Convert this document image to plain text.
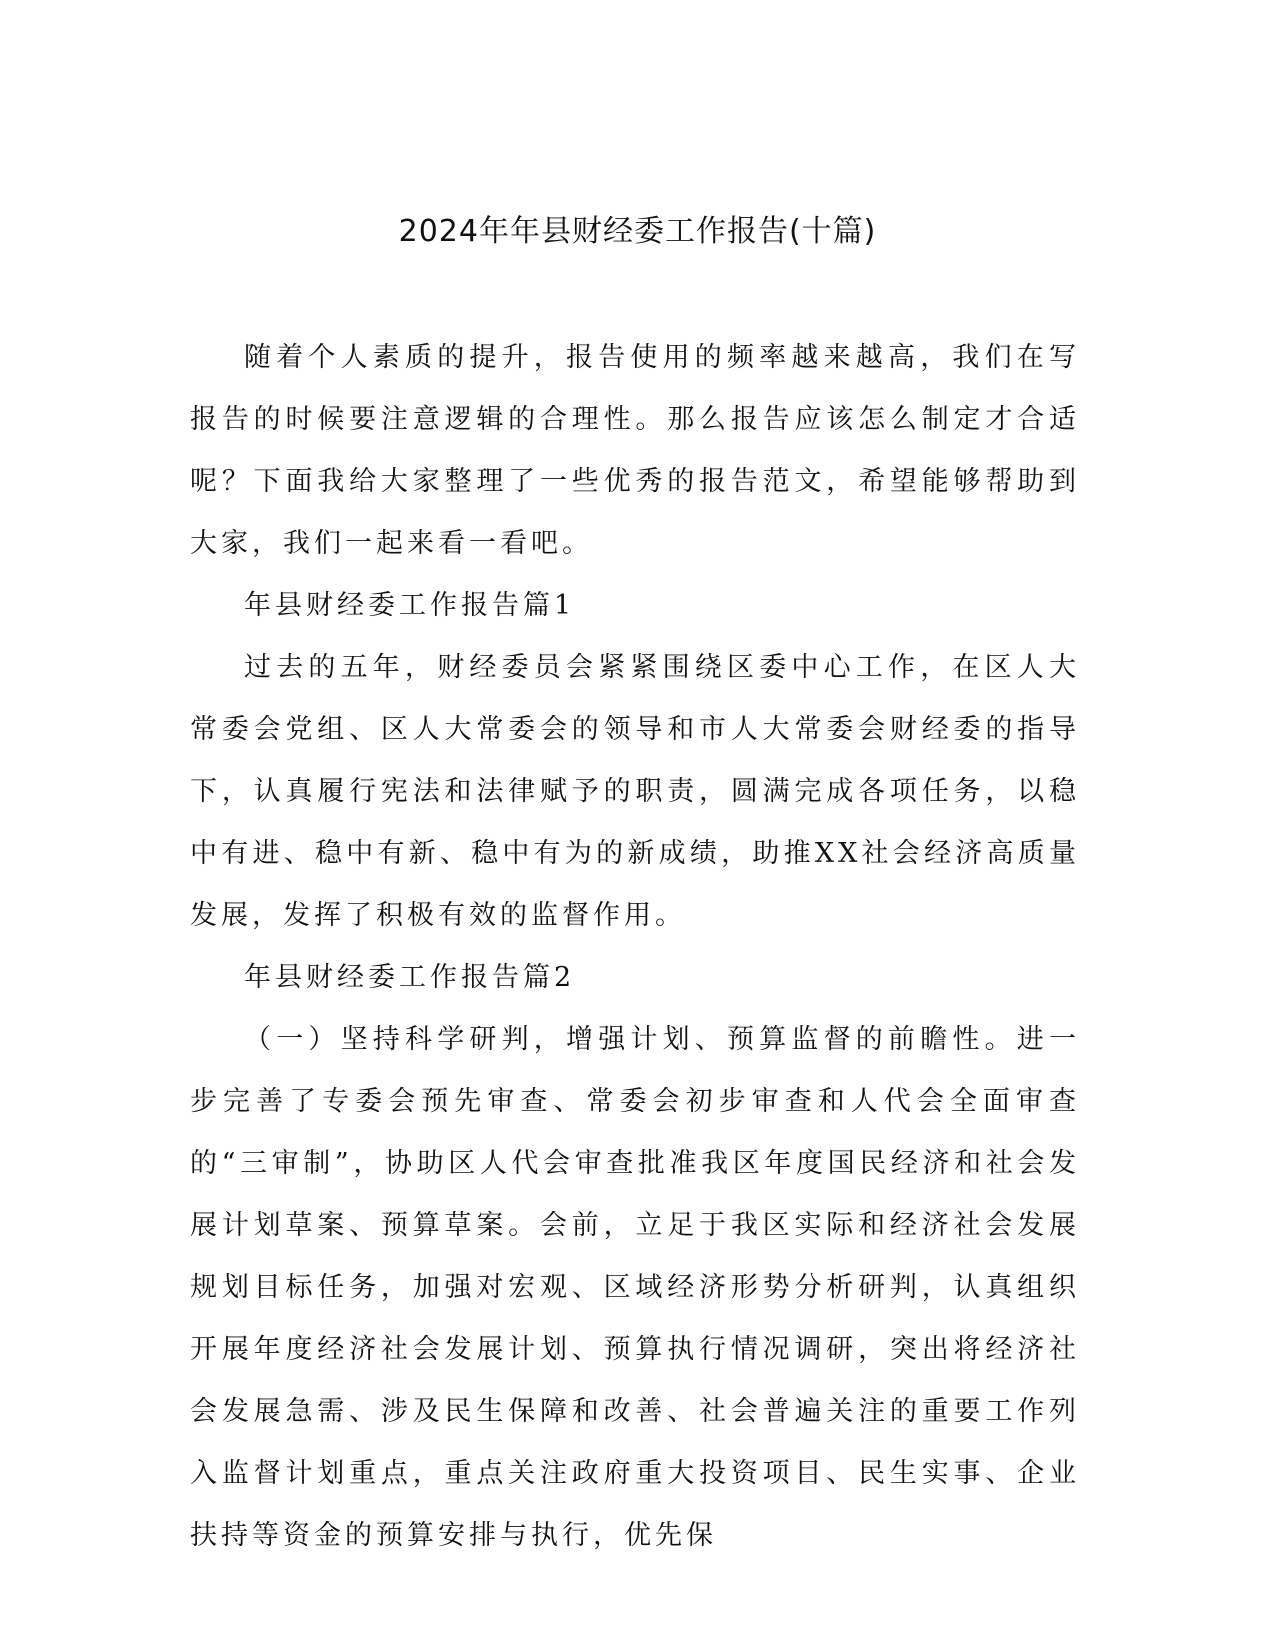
2024年年县财经委工作报告(十篇)

随着个人素质的提升，报告使用的频率越来越高，我们在写报告的时候要注意逻辑的合理性。那么报告应该怎么制定才合适呢？下面我给大家整理了一些优秀的报告范文，希望能够帮助到大家，我们一起来看一看吧。

年县财经委工作报告篇1

过去的五年，财经委员会紧紧围绕区委中心工作，在区人大常委会党组、区人大常委会的领导和市人大常委会财经委的指导下，认真履行宪法和法律赋予的职责，圆满完成各项任务，以稳中有进、稳中有新、稳中有为的新成绩，助推XX社会经济高质量发展，发挥了积极有效的监督作用。

年县财经委工作报告篇2

（一）坚持科学研判，增强计划、预算监督的前瞻性。进一步完善了专委会预先审查、常委会初步审查和人代会全面审查的“三审制”，协助区人代会审查批准我区年度国民经济和社会发展计划草案、预算草案。会前，立足于我区实际和经济社会发展规划目标任务，加强对宏观、区域经济形势分析研判，认真组织开展年度经济社会发展计划、预算执行情况调研，突出将经济社会发展急需、涉及民生保障和改善、社会普遍关注的重要工作列入监督计划重点，重点关注政府重大投资项目、民生实事、企业扶持等资金的预算安排与执行，优先保
